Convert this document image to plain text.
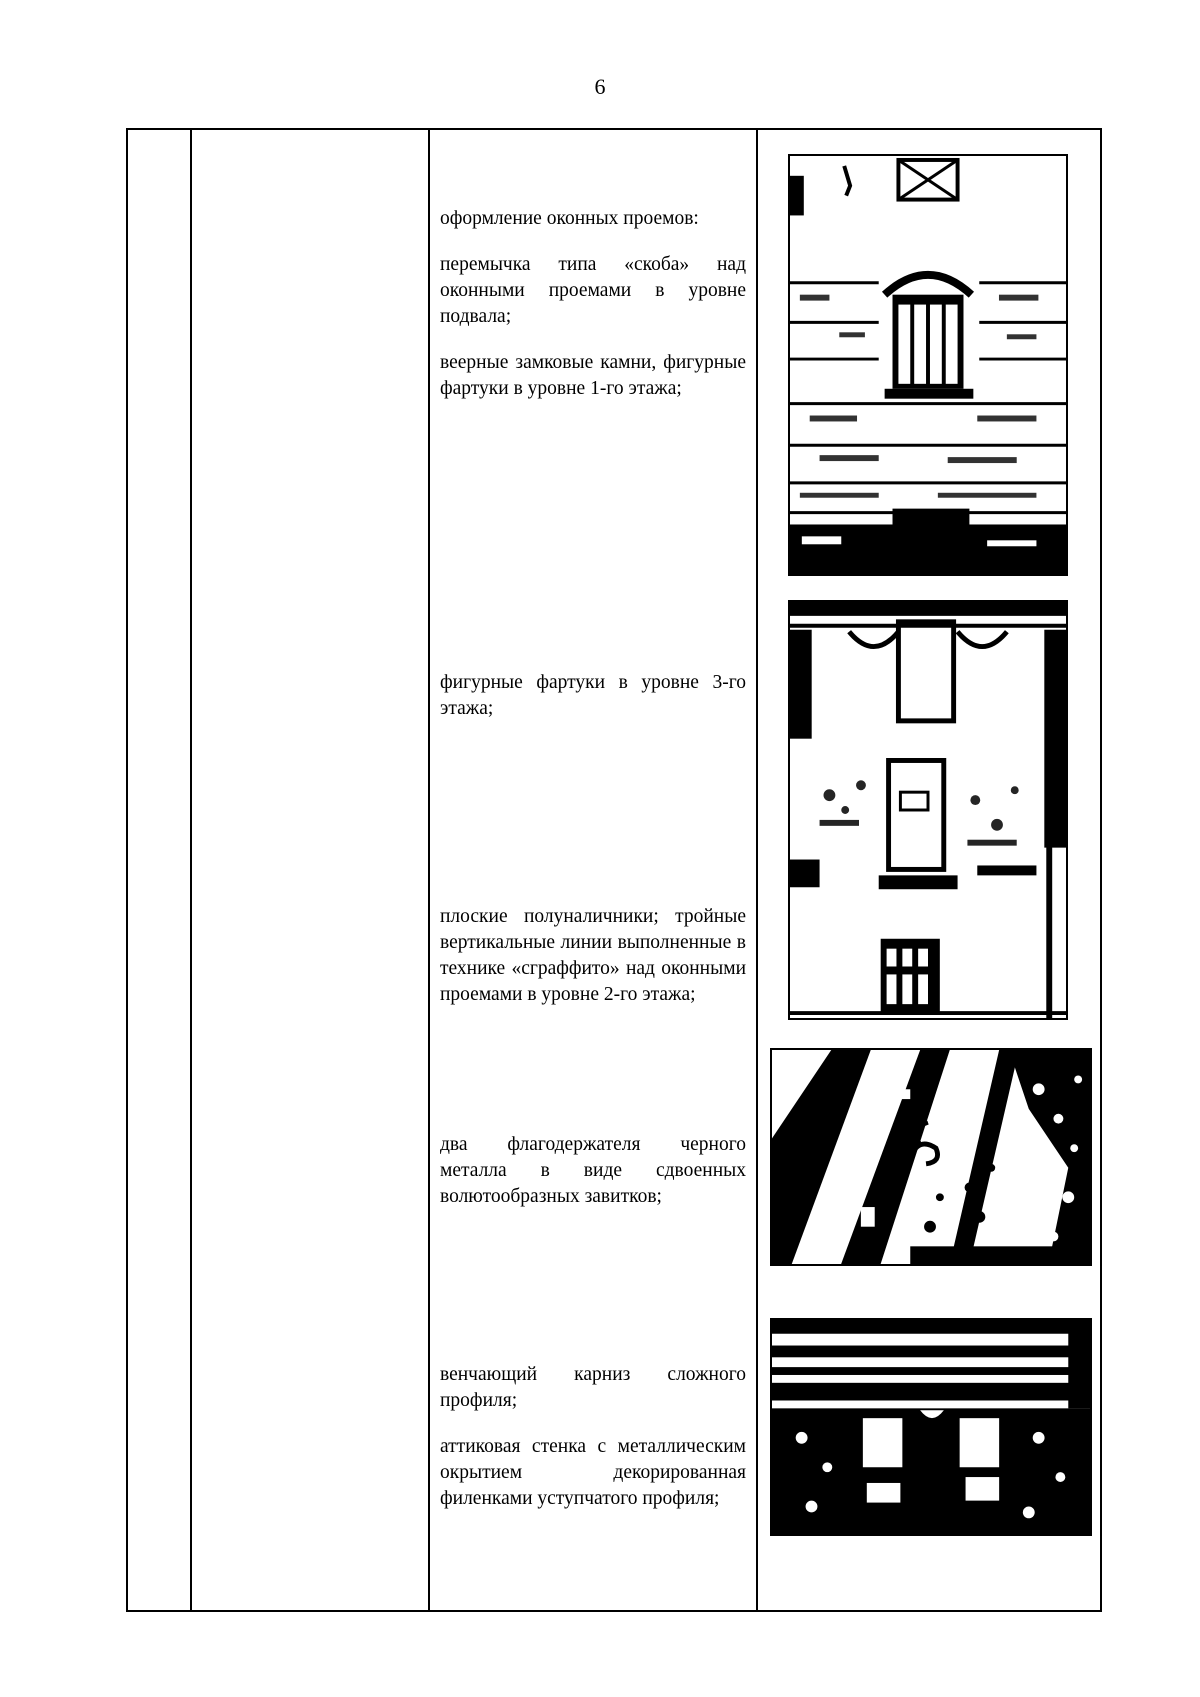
6

оформление оконных проемов:

перемычка типа «скоба» над оконными проемами в уровне подвала;

веерные замковые камни, фигурные фартуки в уровне 1-го этажа;

фигурные фартуки в уровне 3-го этажа;

плоские полуналичники; тройные вертикальные линии выполненные в технике «сграффито» над оконными проемами в уровне 2-го этажа;

два флагодержателя черного металла в виде сдвоенных волютообразных завитков;

венчающий карниз сложного профиля;

аттиковая стенка с металлическим окрытием декорированная филенками уступчатого профиля;
